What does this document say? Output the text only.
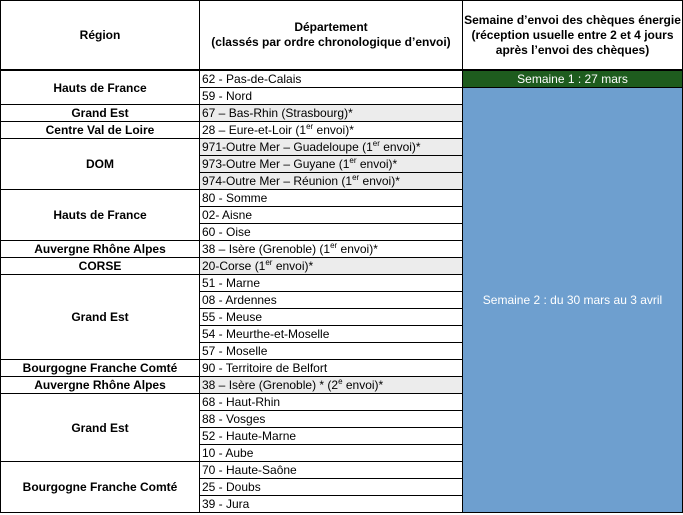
Région
Département
(classés par ordre chronologique d’envoi)
Semaine d’envoi des chèques énergie
(réception usuelle entre 2 et 4 jours
après l’envoi des chèques)
62 - Pas-de-Calais
59 - Nord
67 – Bas-Rhin (Strasbourg)*
28 – Eure-et-Loir (1er envoi)*
971-Outre Mer – Guadeloupe (1er envoi)*
973-Outre Mer – Guyane (1er envoi)*
974-Outre Mer – Réunion (1er envoi)*
80 - Somme
02- Aisne
60 - Oise
38 – Isère (Grenoble) (1er envoi)*
20-Corse (1er envoi)*
51 - Marne
08 - Ardennes
55 - Meuse
54 - Meurthe-et-Moselle
57 - Moselle
90 - Territoire de Belfort
38 – Isère (Grenoble) * (2e envoi)*
68 - Haut-Rhin
88 - Vosges
52 - Haute-Marne
10 - Aube
70 - Haute-Saône
25 - Doubs
39 - Jura
Hauts de France
Grand Est
Centre Val de Loire
DOM
Hauts de France
Auvergne Rhône Alpes
CORSE
Grand Est
Bourgogne Franche Comté
Auvergne Rhône Alpes
Grand Est
Bourgogne Franche Comté
Semaine 1 : 27 mars
Semaine 2 : du 30 mars au 3 avril
